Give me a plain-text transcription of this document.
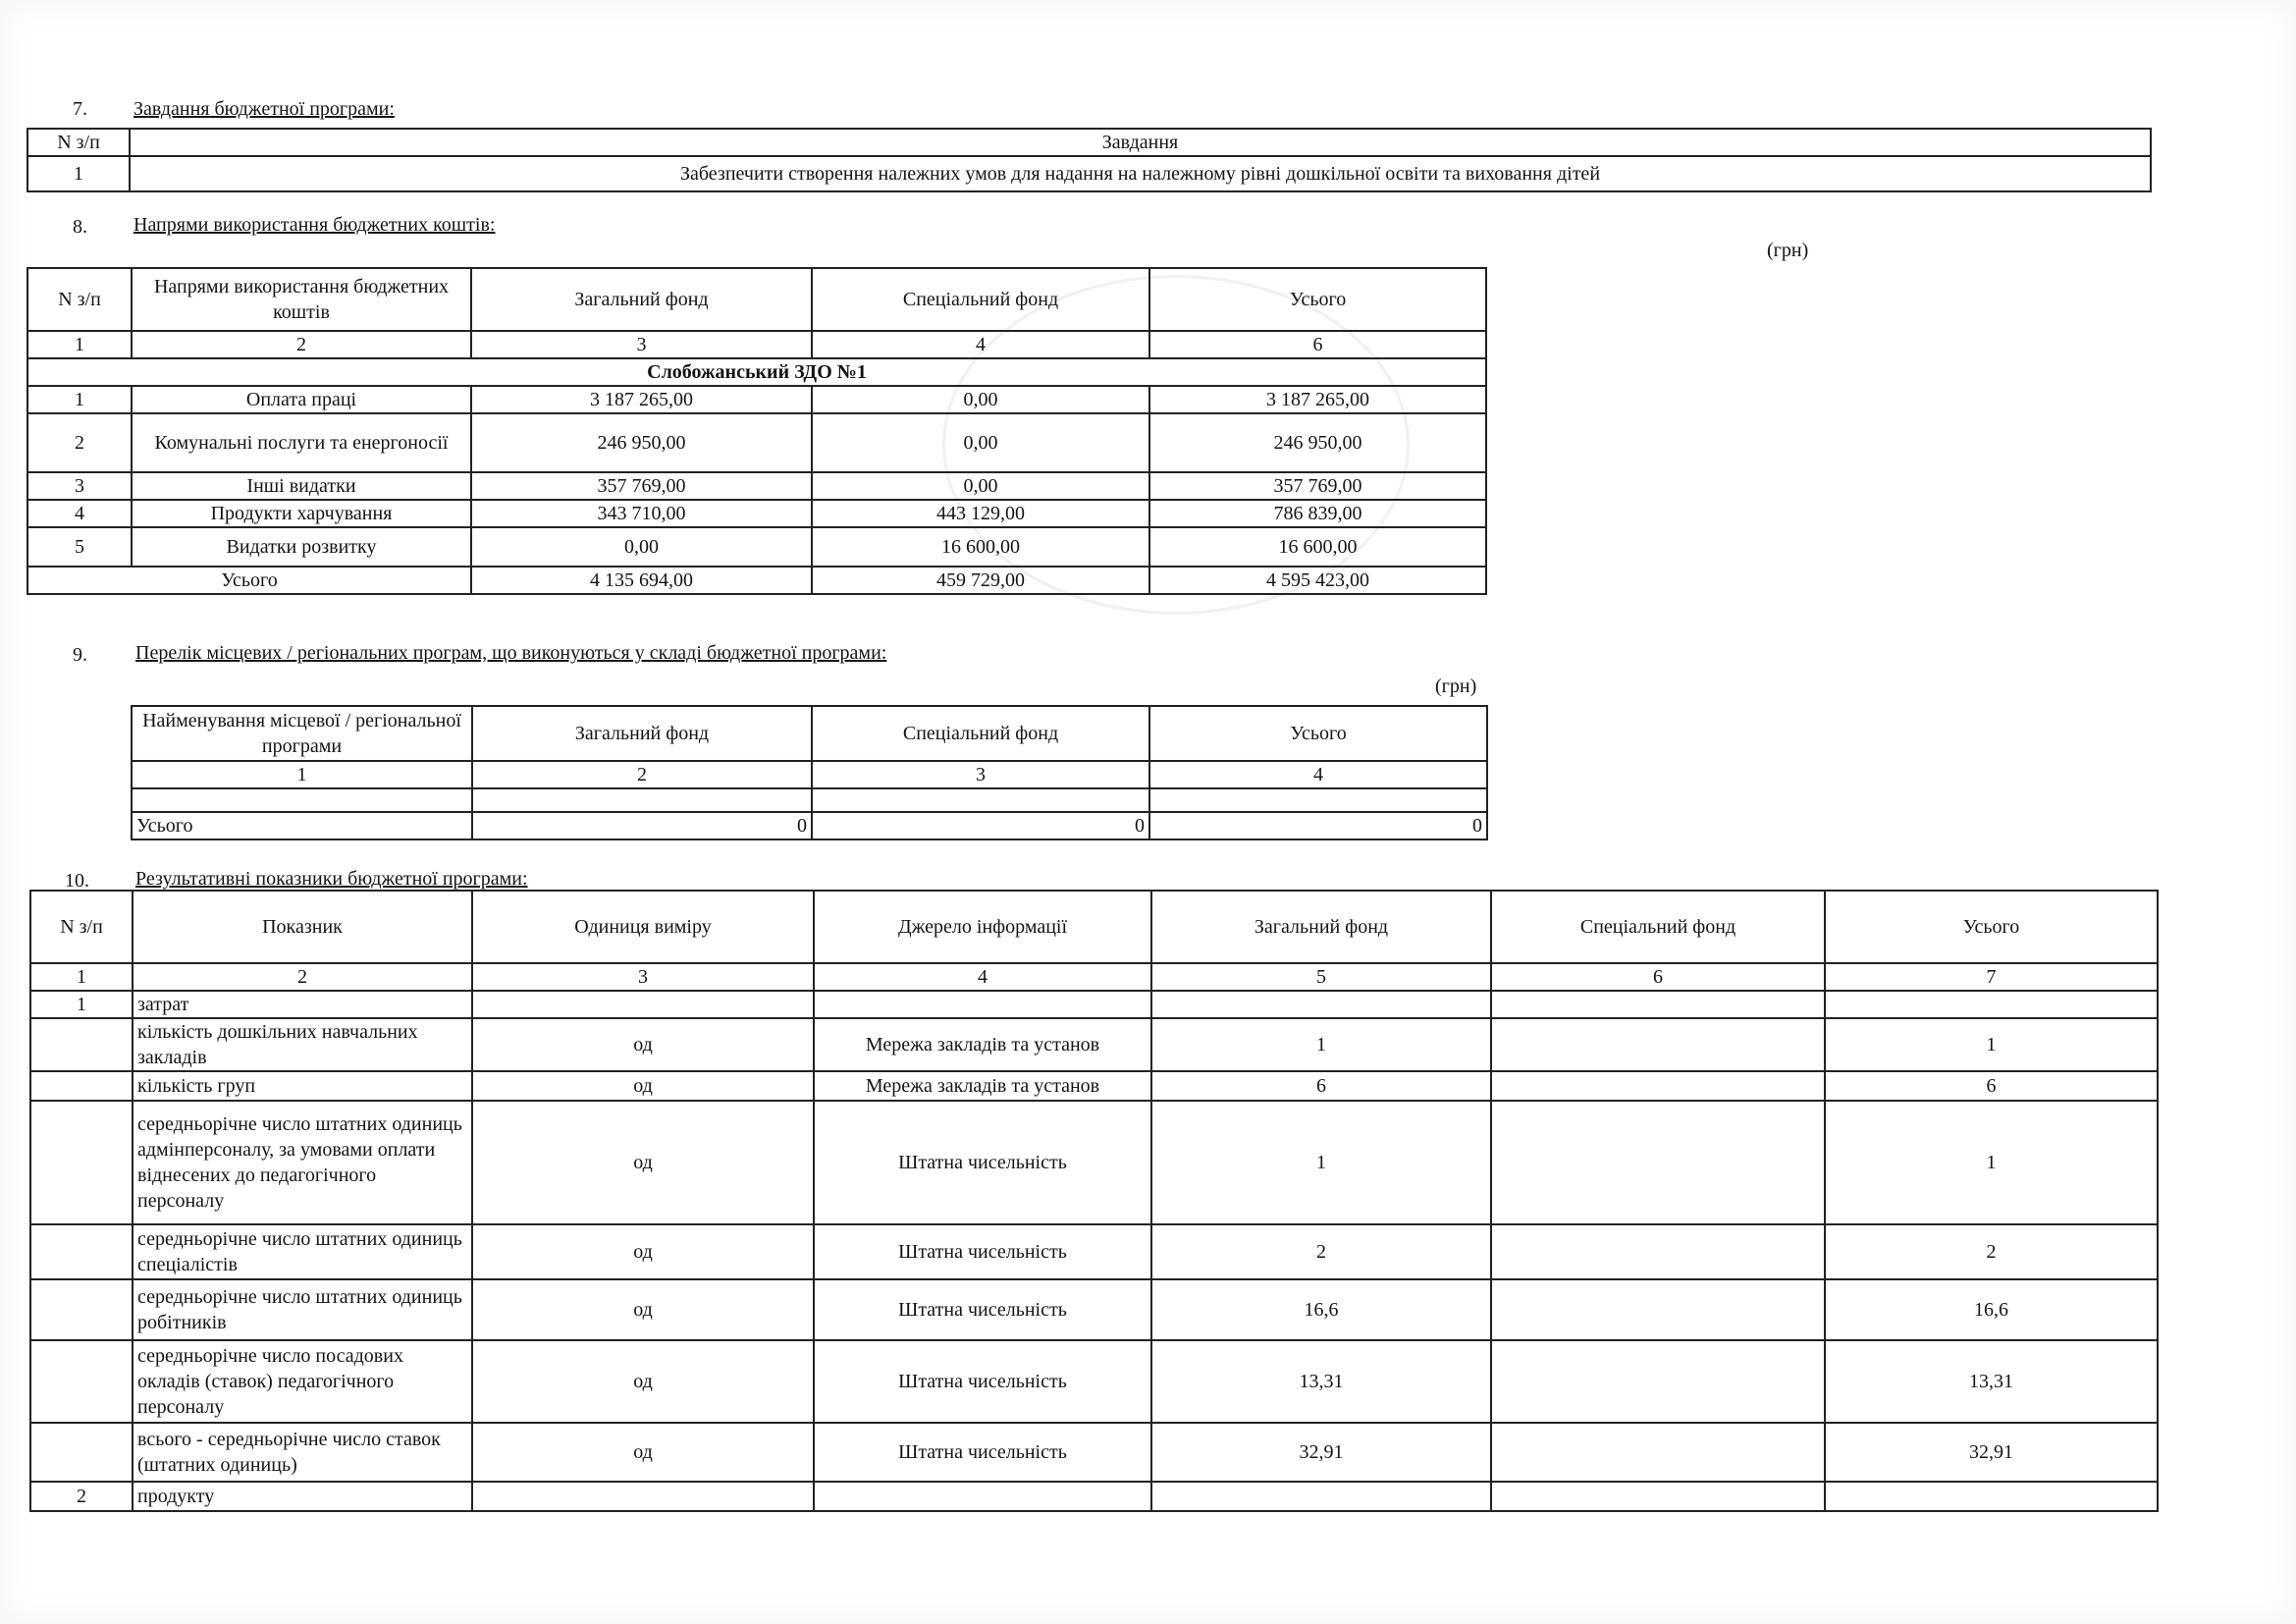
7. Завдання бюджетної програми:
N з/п	Завдання
1	Забезпечити створення належних умов для надання на належному рівні дошкільної освіти та виховання дітей
8. Напрями використання бюджетних коштів:
(грн)
N з/п	Напрями використання бюджетних коштів	Загальний фонд	Спеціальний фонд	Усього
1	2	3	4	6
Слобожанський ЗДО №1				
1	Оплата праці	3 187 265,00	0,00	3 187 265,00
2	Комунальні послуги та енергоносії	246 950,00	0,00	246 950,00
3	Інші видатки	357 769,00	0,00	357 769,00
4	Продукти харчування	343 710,00	443 129,00	786 839,00
5	Видатки розвитку	0,00	16 600,00	16 600,00
Усього		4 135 694,00	459 729,00	4 595 423,00
9. Перелік місцевих / регіональних програм, що виконуються у складі бюджетної програми:
(грн)
Найменування місцевої / регіональної програми	Загальний фонд	Спеціальний фонд	Усього
1	2	3	4

Усього	0	0	0
10. Результативні показники бюджетної програми:
N з/п	Показник	Одиниця виміру	Джерело інформації	Загальний фонд	Спеціальний фонд	Усього
1	2	3	4	5	6	7
1	затрат					
	кількість дошкільних навчальних закладів	од	Мережа закладів та установ	1		1
	кількість груп	од	Мережа закладів та установ	6		6
	середньорічне число штатних одиниць адмінперсоналу, за умовами оплати віднесених до педагогічного персоналу	од	Штатна чисельність	1		1
	середньорічне число штатних одиниць спеціалістів	од	Штатна чисельність	2		2
	середньорічне число штатних одиниць робітників	од	Штатна чисельність	16,6		16,6
	середньорічне число посадових окладів (ставок) педагогічного персоналу	од	Штатна чисельність	13,31		13,31
	всього - середньорічне число ставок (штатних одиниць)	од	Штатна чисельність	32,91		32,91
2	продукту					
